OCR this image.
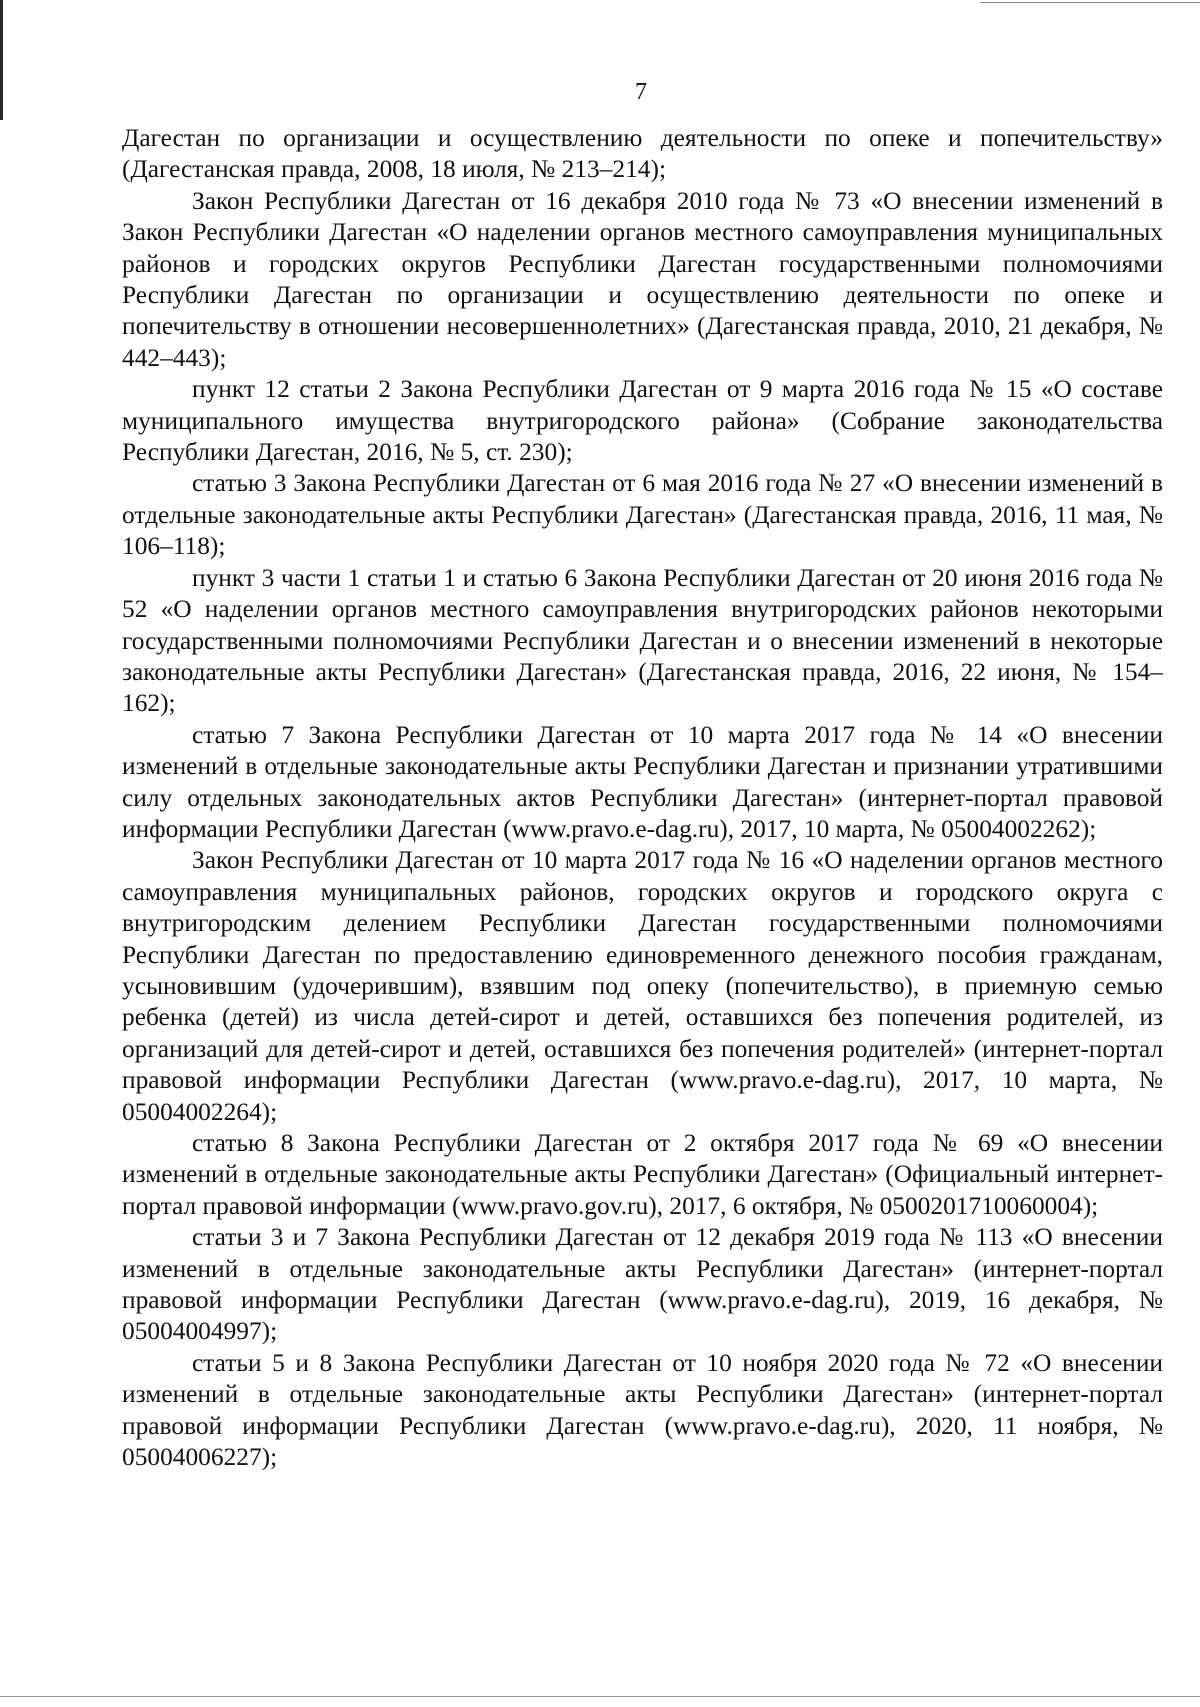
7

Дагестан по организации и осуществлению деятельности по опеке и попечительству» (Дагестанская правда, 2008, 18 июля, № 213–214);

Закон Республики Дагестан от 16 декабря 2010 года № 73 «О внесении изменений в Закон Республики Дагестан «О наделении органов местного самоуправления муниципальных районов и городских округов Республики Дагестан государственными полномочиями Республики Дагестан по организации и осуществлению деятельности по опеке и попечительству в отношении несовершеннолетних» (Дагестанская правда, 2010, 21 декабря, № 442–443);

пункт 12 статьи 2 Закона Республики Дагестан от 9 марта 2016 года № 15 «О составе муниципального имущества внутригородского района» (Собрание законодательства Республики Дагестан, 2016, № 5, ст. 230);

статью 3 Закона Республики Дагестан от 6 мая 2016 года № 27 «О внесении изменений в отдельные законодательные акты Республики Дагестан» (Дагестанская правда, 2016, 11 мая, № 106–118);

пункт 3 части 1 статьи 1 и статью 6 Закона Республики Дагестан от 20 июня 2016 года № 52 «О наделении органов местного самоуправления внутригородских районов некоторыми государственными полномочиями Республики Дагестан и о внесении изменений в некоторые законодательные акты Республики Дагестан» (Дагестанская правда, 2016, 22 июня, № 154–162);

статью 7 Закона Республики Дагестан от 10 марта 2017 года № 14 «О внесении изменений в отдельные законодательные акты Республики Дагестан и признании утратившими силу отдельных законодательных актов Республики Дагестан» (интернет-портал правовой информации Республики Дагестан (www.pravo.e-dag.ru), 2017, 10 марта, № 05004002262);

Закон Республики Дагестан от 10 марта 2017 года № 16 «О наделении органов местного самоуправления муниципальных районов, городских округов и городского округа с внутригородским делением Республики Дагестан государственными полномочиями Республики Дагестан по предоставлению единовременного денежного пособия гражданам, усыновившим (удочерившим), взявшим под опеку (попечительство), в приемную семью ребенка (детей) из числа детей-сирот и детей, оставшихся без попечения родителей, из организаций для детей-сирот и детей, оставшихся без попечения родителей» (интернет-портал правовой информации Республики Дагестан (www.pravo.e-dag.ru), 2017, 10 марта, № 05004002264);

статью 8 Закона Республики Дагестан от 2 октября 2017 года № 69 «О внесении изменений в отдельные законодательные акты Республики Дагестан» (Официальный интернет-портал правовой информации (www.pravo.gov.ru), 2017, 6 октября, № 0500201710060004);

статьи 3 и 7 Закона Республики Дагестан от 12 декабря 2019 года № 113 «О внесении изменений в отдельные законодательные акты Республики Дагестан» (интернет-портал правовой информации Республики Дагестан (www.pravo.e-dag.ru), 2019, 16 декабря, № 05004004997);

статьи 5 и 8 Закона Республики Дагестан от 10 ноября 2020 года № 72 «О внесении изменений в отдельные законодательные акты Республики Дагестан» (интернет-портал правовой информации Республики Дагестан (www.pravo.e-dag.ru), 2020, 11 ноября, № 05004006227);
